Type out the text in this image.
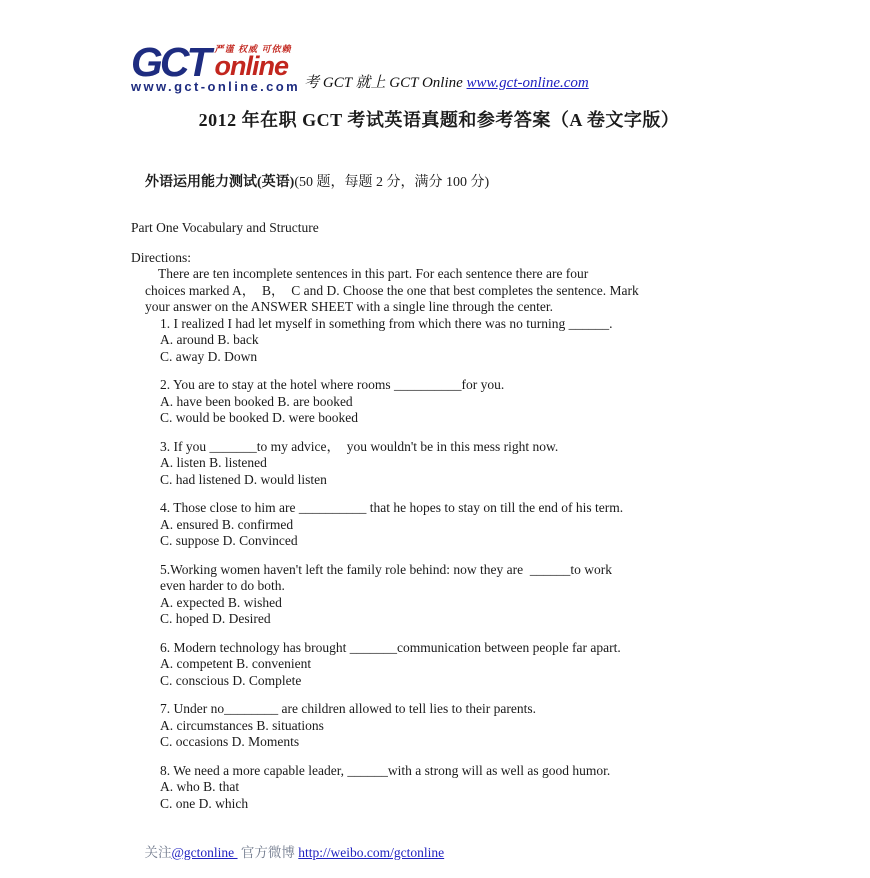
GCT 严谨 权威 可依赖
online
www.gct-online.com 考 GCT 就上 GCT Online www.gct-online.com
2012 年在职 GCT 考试英语真题和参考答案（A 卷文字版）

外语运用能力测试(英语)(50 题，每题 2 分，满分 100 分)

Part One Vocabulary and Structure
Directions:
There are ten incomplete sentences in this part. For each sentence there are four
choices marked A，  B，  C and D. Choose the one that best completes the sentence. Mark
your answer on the ANSWER SHEET with a single line through the center.
1. I realized I had let myself in something from which there was no turning ______.
A. around B. back
C. away D. Down
2. You are to stay at the hotel where rooms __________for you.
A. have been booked B. are booked
C. would be booked D. were booked
3. If you _______to my advice，  you wouldn't be in this mess right now.
A. listen B. listened
C. had listened D. would listen
4. Those close to him are __________ that he hopes to stay on till the end of his term.
A. ensured B. confirmed
C. suppose D. Convinced
5.Working women haven't left the family role behind: now they are  ______to work
even harder to do both.
A. expected B. wished
C. hoped D. Desired
6. Modern technology has brought _______communication between people far apart.
A. competent B. convenient
C. conscious D. Complete
7. Under no________ are children allowed to tell lies to their parents.
A. circumstances B. situations
C. occasions D. Moments
8. We need a more capable leader, ______with a strong will as well as good humor.
A. who B. that
C. one D. which

关注@gctonline  官方微博 http://weibo.com/gctonline
